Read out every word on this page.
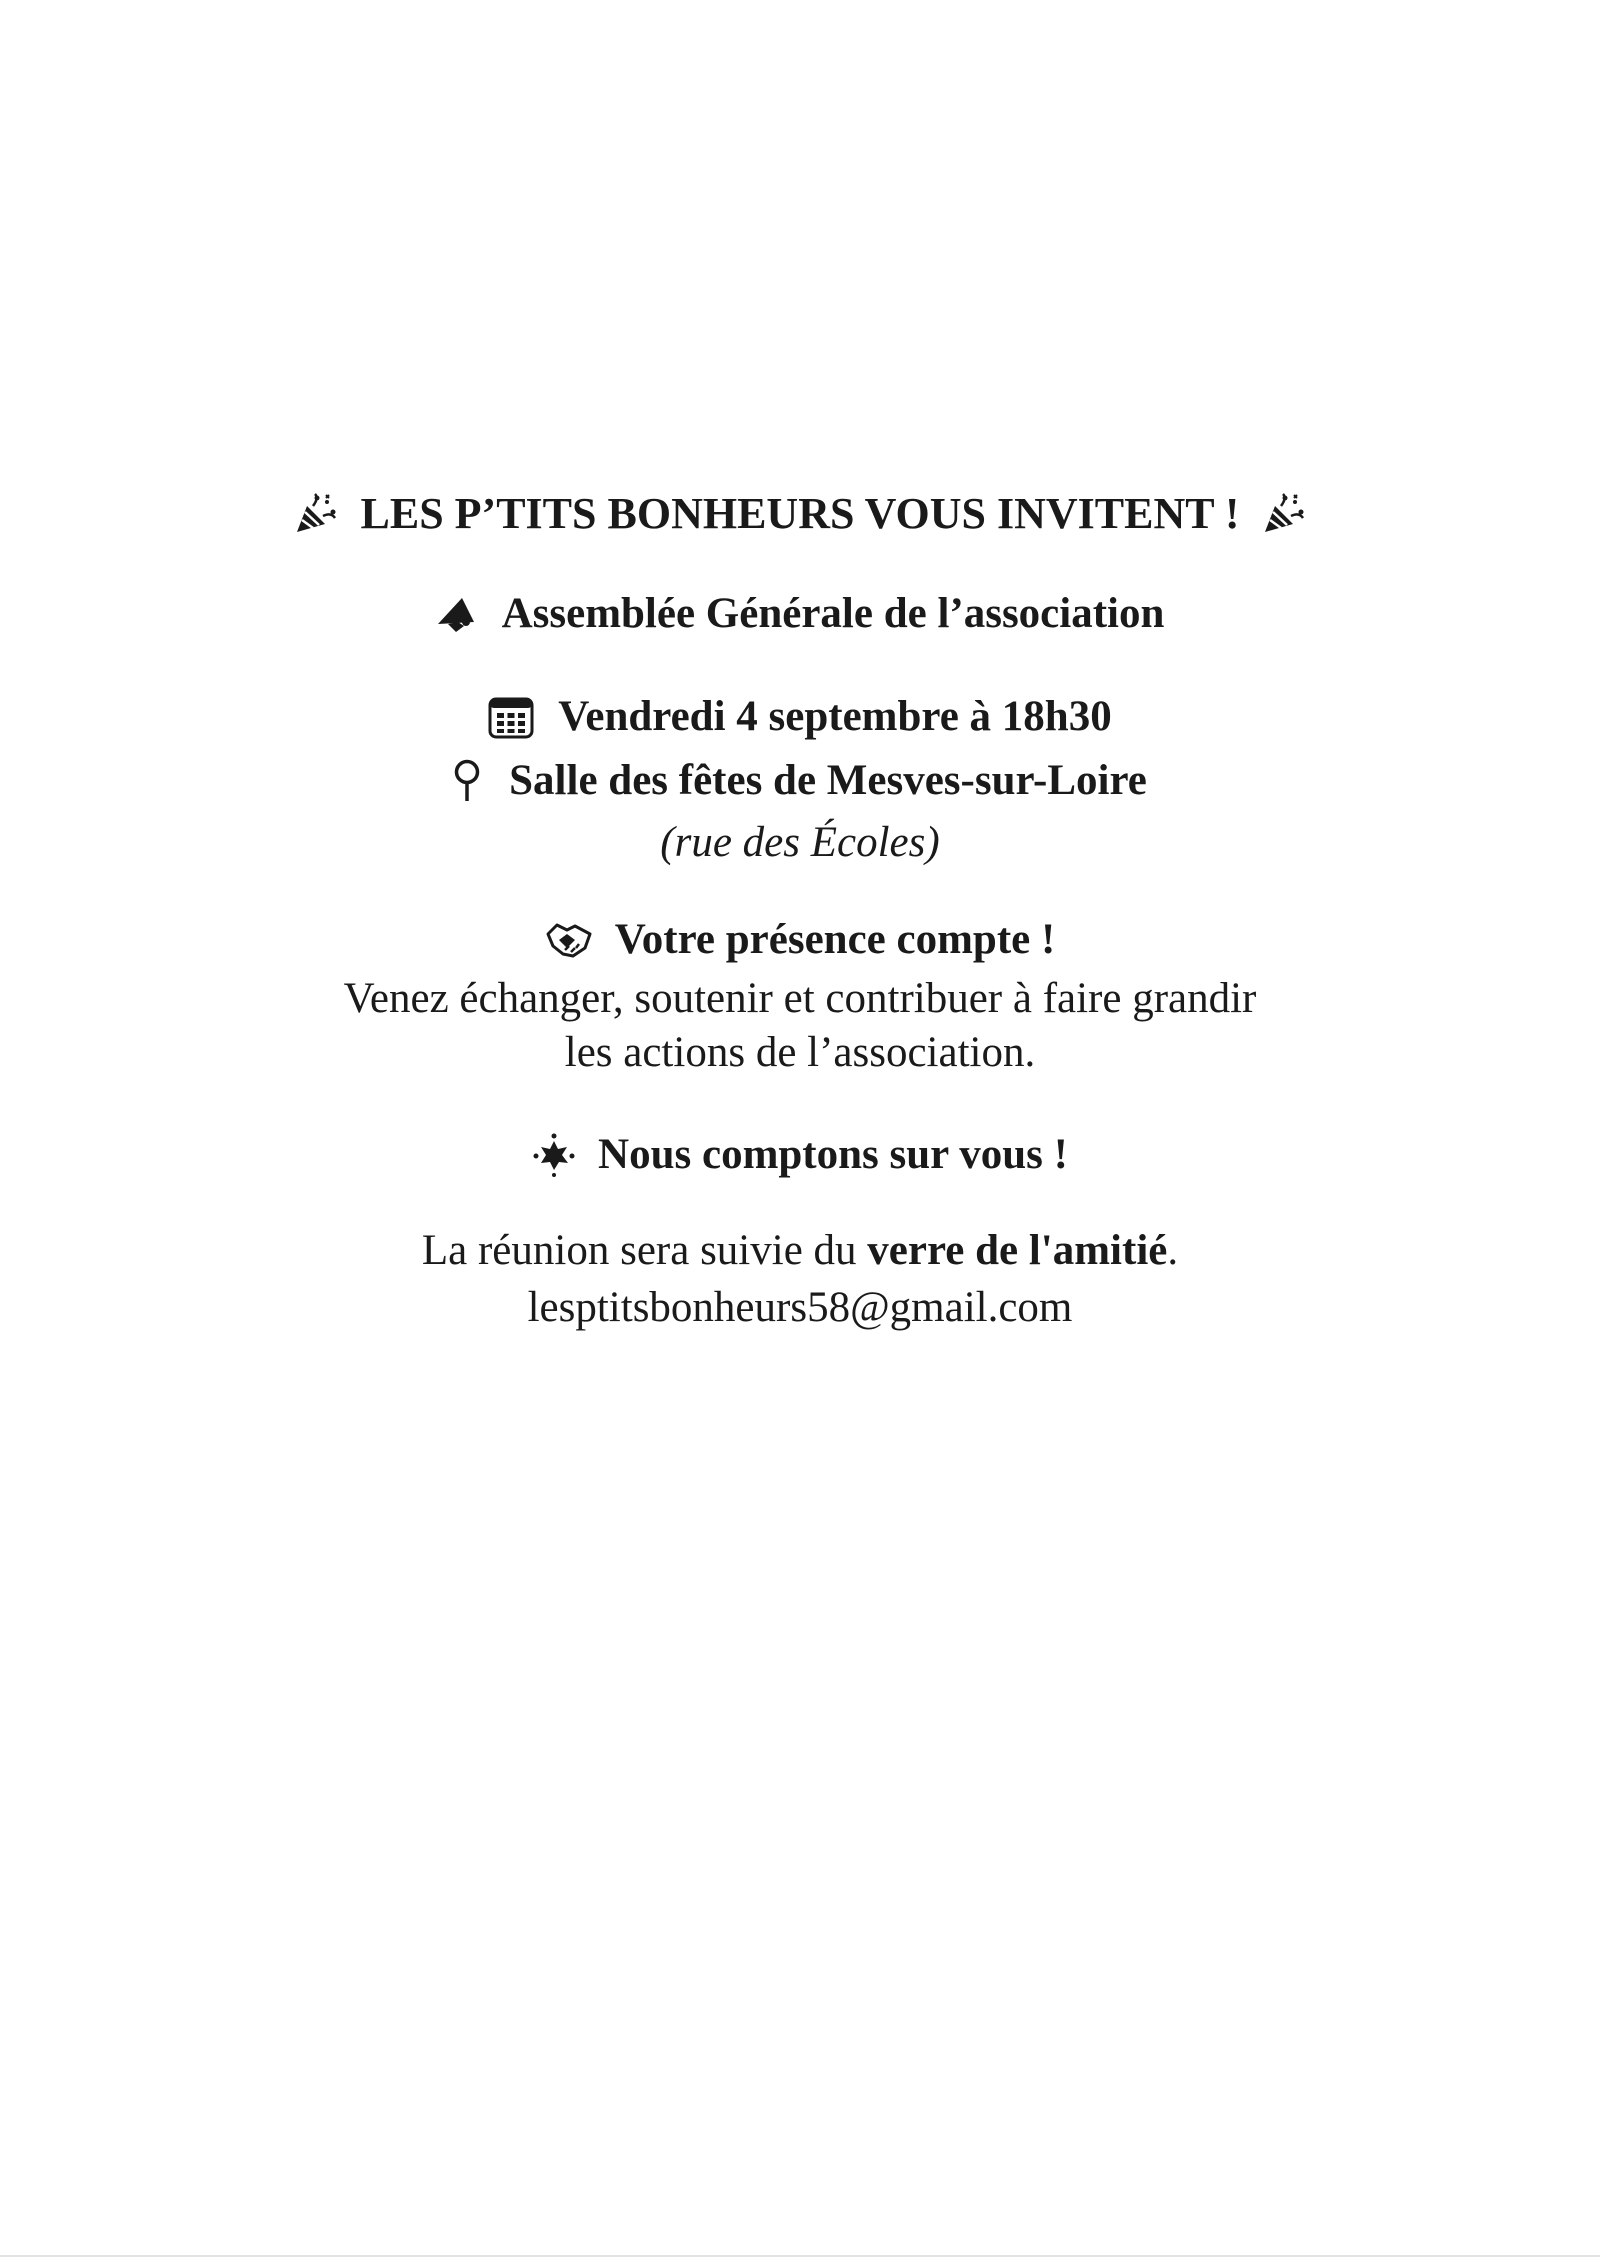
LES P’TITS BONHEURS VOUS INVITENT !
Assemblée Générale de l’association
Vendredi 4 septembre à 18h30
Salle des fêtes de Mesves-sur-Loire
(rue des Écoles)
Votre présence compte !
Venez échanger, soutenir et contribuer à faire grandir
les actions de l’association.
Nous comptons sur vous !
La réunion sera suivie du verre de l'amitié.
lesptitsbonheurs58@gmail.com
